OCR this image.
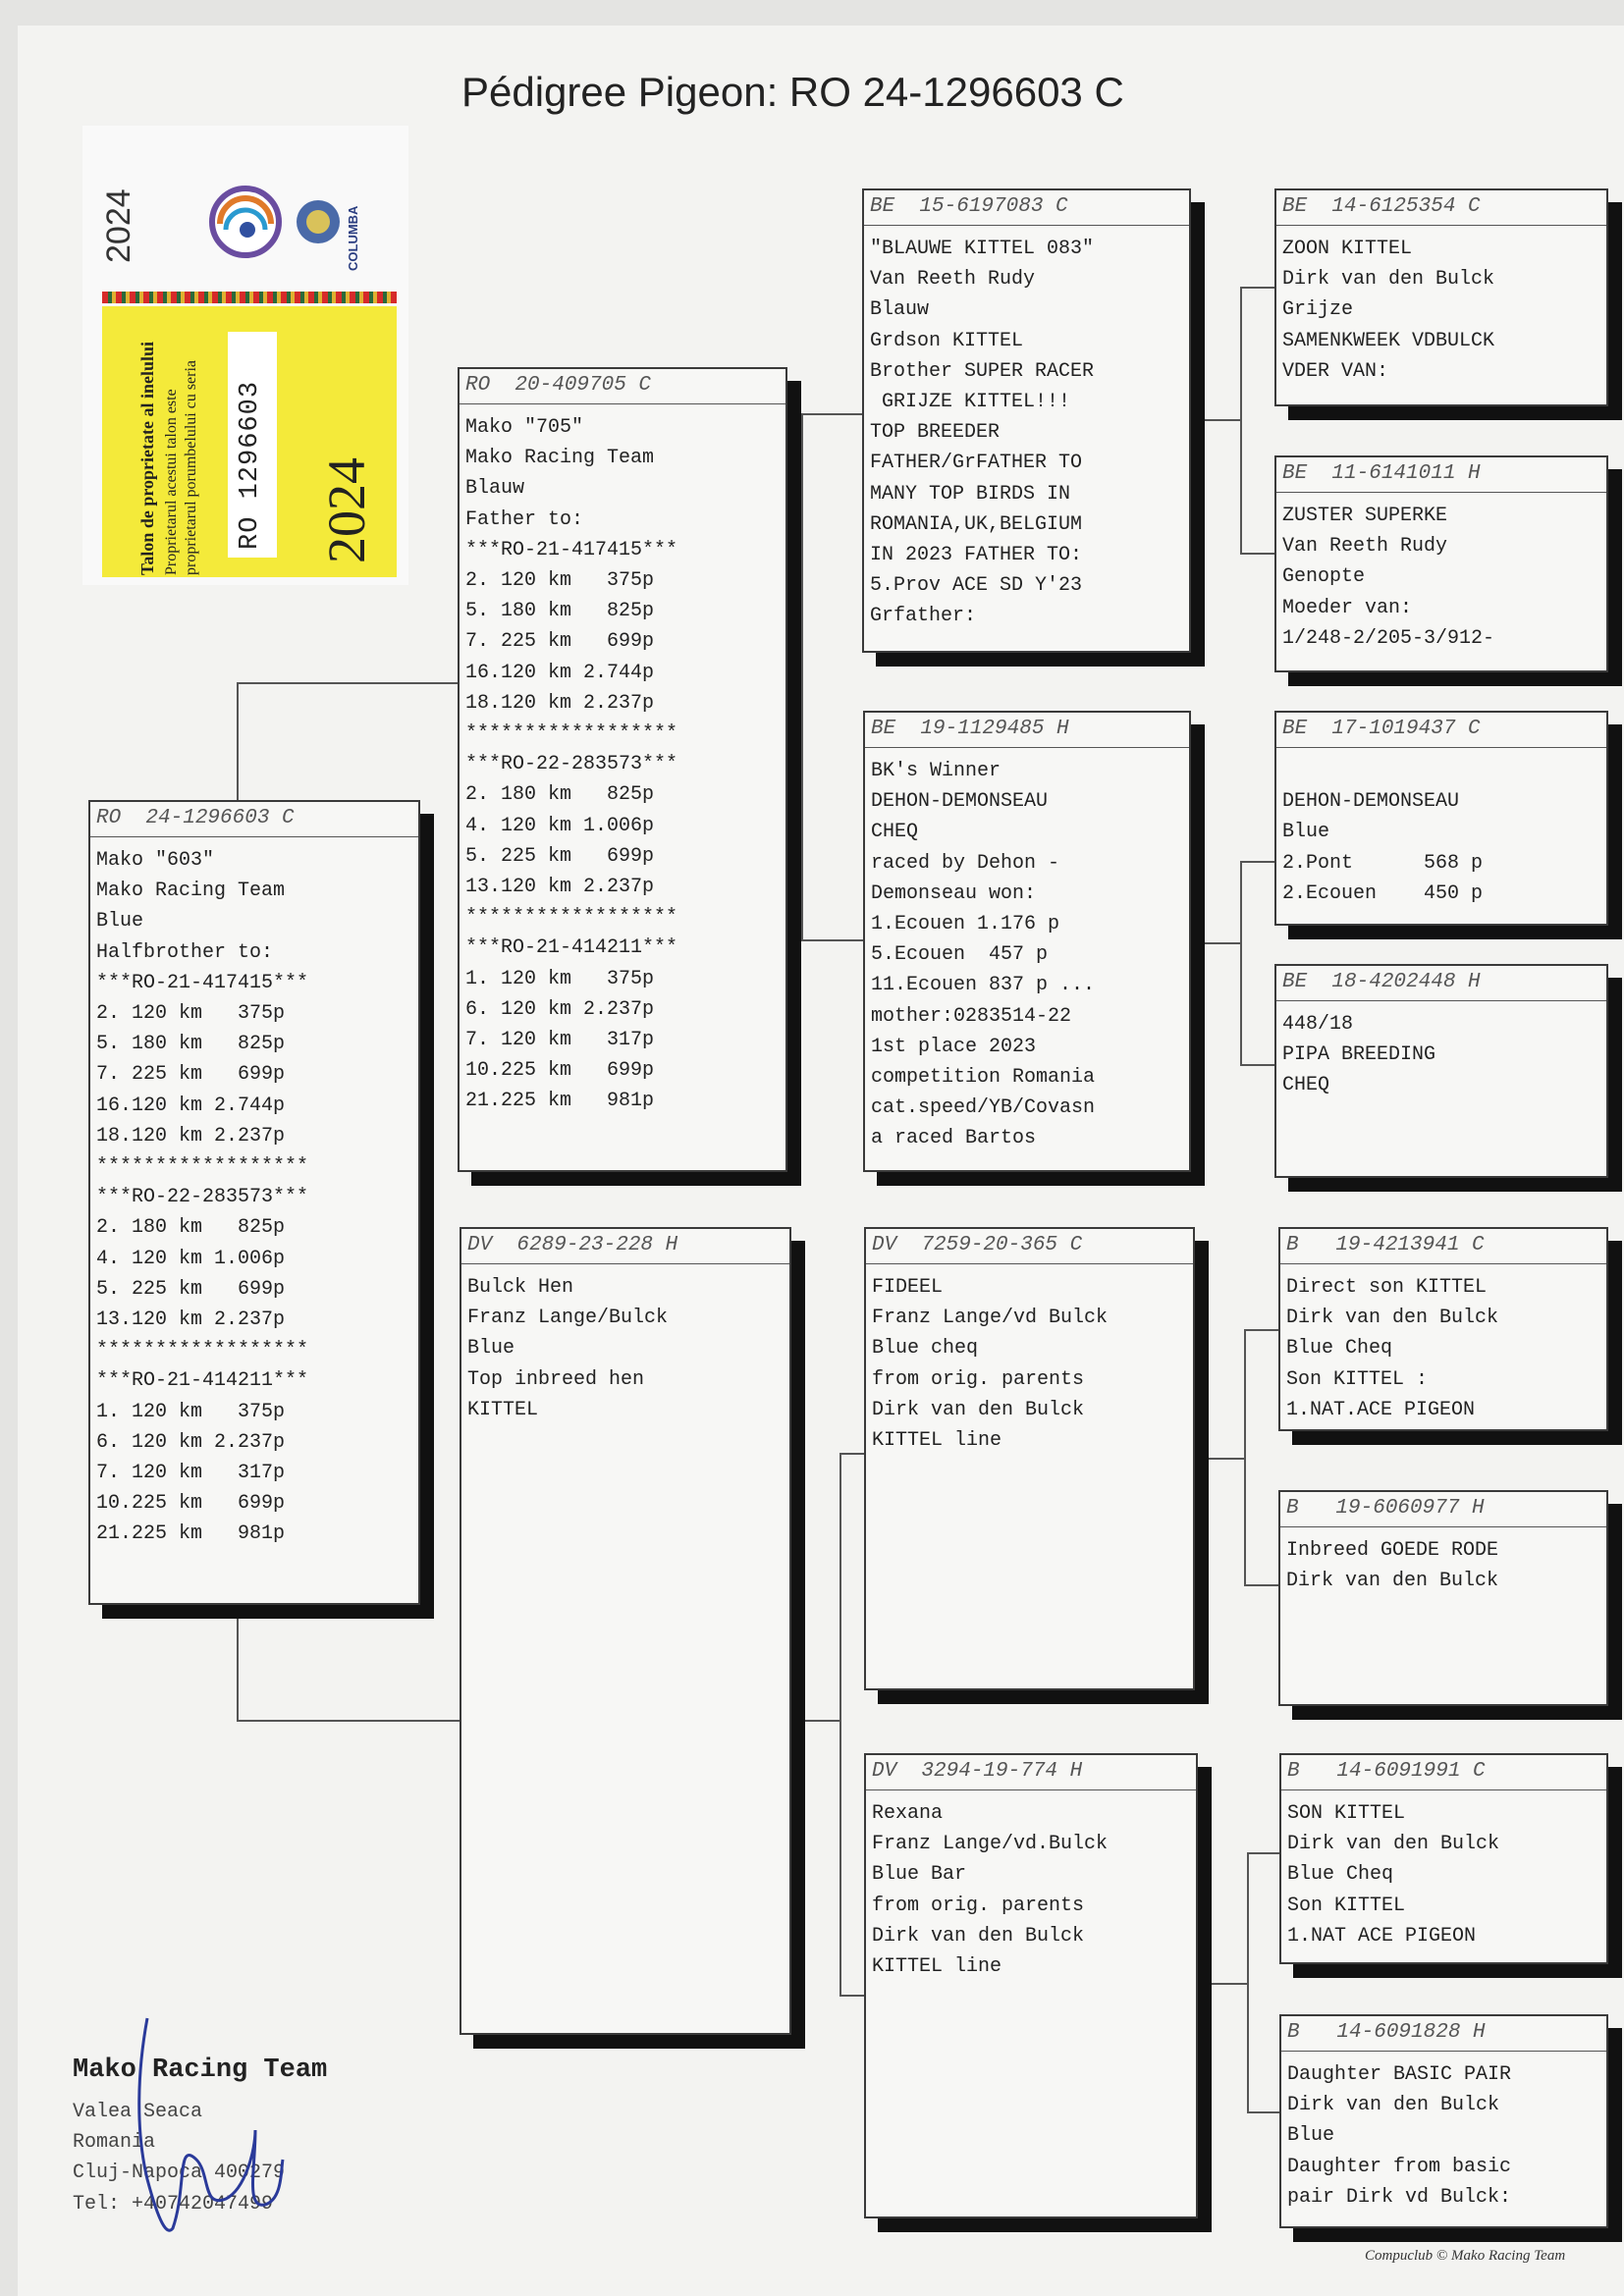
Pédigree Pigeon: RO 24-1296603 C
2024	COLUMBA
Talon de proprietate al inelului Proprietarul acestui talon este proprietarul porumbelului cu seria RO 1296603 2024
RO  24-1296603 C
Mako "603"
Mako Racing Team
Blue
Halfbrother to:
***RO-21-417415***
2. 120 km   375p
5. 180 km   825p
7. 225 km   699p
16.120 km 2.744p
18.120 km 2.237p
******************
***RO-22-283573***
2. 180 km   825p
4. 120 km 1.006p
5. 225 km   699p
13.120 km 2.237p
******************
***RO-21-414211***
1. 120 km   375p
6. 120 km 2.237p
7. 120 km   317p
10.225 km   699p
21.225 km   981p
RO  20-409705 C
Mako "705"
Mako Racing Team
Blauw
Father to:
***RO-21-417415***
2. 120 km   375p
5. 180 km   825p
7. 225 km   699p
16.120 km 2.744p
18.120 km 2.237p
******************
***RO-22-283573***
2. 180 km   825p
4. 120 km 1.006p
5. 225 km   699p
13.120 km 2.237p
******************
***RO-21-414211***
1. 120 km   375p
6. 120 km 2.237p
7. 120 km   317p
10.225 km   699p
21.225 km   981p
DV  6289-23-228 H
Bulck Hen
Franz Lange/Bulck
Blue
Top inbreed hen
KITTEL
BE  15-6197083 C
"BLAUWE KITTEL 083"
Van Reeth Rudy
Blauw
Grdson KITTEL
Brother SUPER RACER
GRIJZE KITTEL!!!
TOP BREEDER
FATHER/GrFATHER TO
MANY TOP BIRDS IN
ROMANIA,UK,BELGIUM
IN 2023 FATHER TO:
5.Prov ACE SD Y'23
Grfather:
BE  19-1129485 H
BK's Winner
DEHON-DEMONSEAU
CHEQ
raced by Dehon -
Demonseau won:
1.Ecouen 1.176 p
5.Ecouen  457 p
11.Ecouen 837 p ...
mother:0283514-22
1st place 2023
competition Romania
cat.speed/YB/Covasn
a raced Bartos
DV  7259-20-365 C
FIDEEL
Franz Lange/vd Bulck
Blue cheq
from orig. parents
Dirk van den Bulck
KITTEL line
DV  3294-19-774 H
Rexana
Franz Lange/vd.Bulck
Blue Bar
from orig. parents
Dirk van den Bulck
KITTEL line
BE  14-6125354 C
ZOON KITTEL
Dirk van den Bulck
Grijze
SAMENKWEEK VDBULCK
VDER VAN:
BE  11-6141011 H
ZUSTER SUPERKE
Van Reeth Rudy
Genopte
Moeder van:
1/248-2/205-3/912-
BE  17-1019437 C

DEHON-DEMONSEAU
Blue
2.Pont      568 p
2.Ecouen    450 p
BE  18-4202448 H
448/18
PIPA BREEDING
CHEQ
B   19-4213941 C
Direct son KITTEL
Dirk van den Bulck
Blue Cheq
Son KITTEL :
1.NAT.ACE PIGEON
B   19-6060977 H
Inbreed GOEDE RODE
Dirk van den Bulck
B   14-6091991 C
SON KITTEL
Dirk van den Bulck
Blue Cheq
Son KITTEL
1.NAT ACE PIGEON
B   14-6091828 H
Daughter BASIC PAIR
Dirk van den Bulck
Blue
Daughter from basic
pair Dirk vd Bulck:
Mako Racing Team
Valea Seaca
Romania
Cluj-Napoca 400279
Tel: +40742047499
Compuclub © Mako Racing Team
